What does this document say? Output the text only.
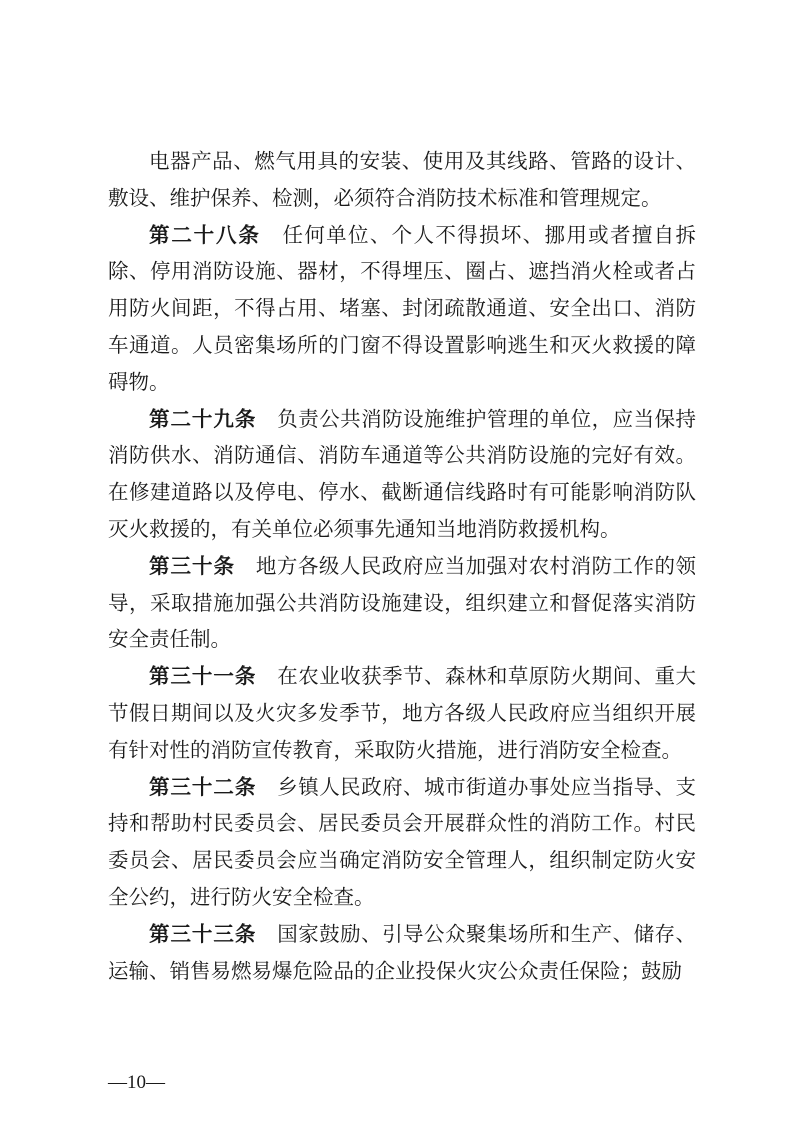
电器产品、燃气用具的安装、使用及其线路、管路的设计、敷设、维护保养、检测，必须符合消防技术标准和管理规定。

第二十八条  任何单位、个人不得损坏、挪用或者擅自拆除、停用消防设施、器材，不得埋压、圈占、遮挡消火栓或者占用防火间距，不得占用、堵塞、封闭疏散通道、安全出口、消防车通道。人员密集场所的门窗不得设置影响逃生和灭火救援的障碍物。

第二十九条  负责公共消防设施维护管理的单位，应当保持消防供水、消防通信、消防车通道等公共消防设施的完好有效。在修建道路以及停电、停水、截断通信线路时有可能影响消防队灭火救援的，有关单位必须事先通知当地消防救援机构。

第三十条  地方各级人民政府应当加强对农村消防工作的领导，采取措施加强公共消防设施建设，组织建立和督促落实消防安全责任制。

第三十一条  在农业收获季节、森林和草原防火期间、重大节假日期间以及火灾多发季节，地方各级人民政府应当组织开展有针对性的消防宣传教育，采取防火措施，进行消防安全检查。

第三十二条  乡镇人民政府、城市街道办事处应当指导、支持和帮助村民委员会、居民委员会开展群众性的消防工作。村民委员会、居民委员会应当确定消防安全管理人，组织制定防火安全公约，进行防火安全检查。

第三十三条  国家鼓励、引导公众聚集场所和生产、储存、运输、销售易燃易爆危险品的企业投保火灾公众责任保险；鼓励

—10—
